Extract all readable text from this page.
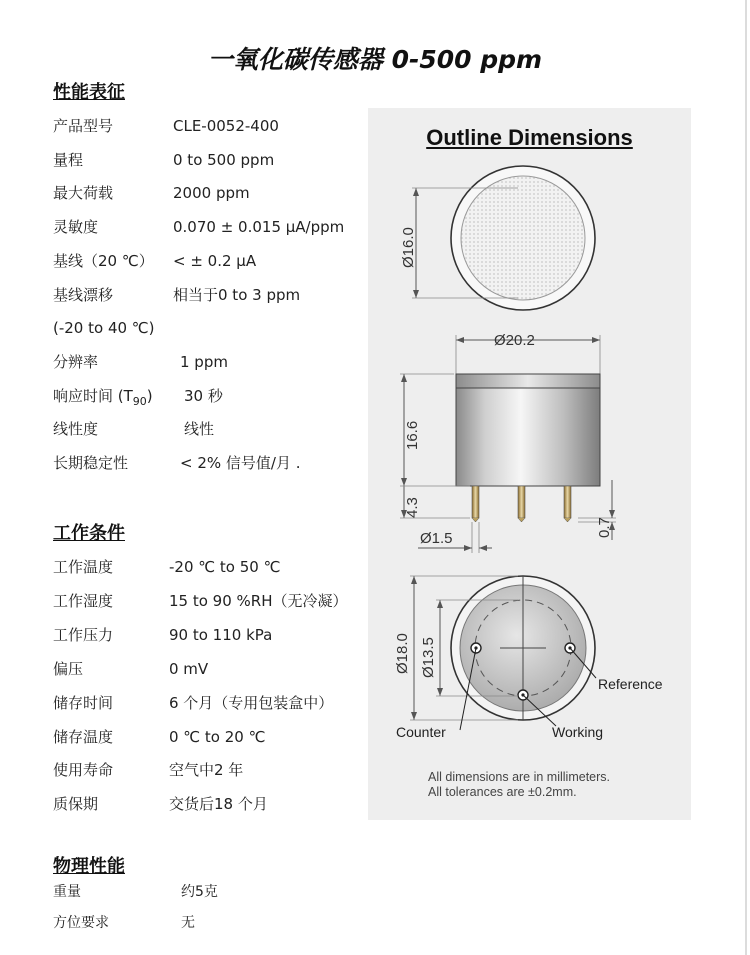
一氧化碳传感器 0-500 ppm
性能表征
产品型号	CLE-0052-400
量程	0 to 500 ppm
最大荷载	2000 ppm
灵敏度	0.070 ± 0.015 μA/ppm
基线（20 ℃） < ± 0.2 μA
基线漂移	相当于0 to 3 ppm
(-20 to 40 ℃)
分辨率	1 ppm
响应时间 $(T_{90})$ 30 秒
线性度	线性
长期稳定性	< 2% 信号值/月 .
工作条件
工作温度	-20 ℃ to 50 ℃
工作湿度	15 to 90 %RH（无冷凝）
工作压力	90 to 110 kPa
偏压	0 mV
储存时间	6 个月（专用包装盒中）
储存温度	0 ℃ to 20 ℃
使用寿命	空气中2 年
质保期	交货后18 个月
物理性能
重量	约5克
方位要求	无
Outline Dimensions
Ø16.0
Ø20.2
16.6
4.3
0.7
Ø1.5
Ø18.0 Ø13.5
Reference
Counter	Working
All dimensions are in millimeters.
All tolerances are ±0.2mm.
